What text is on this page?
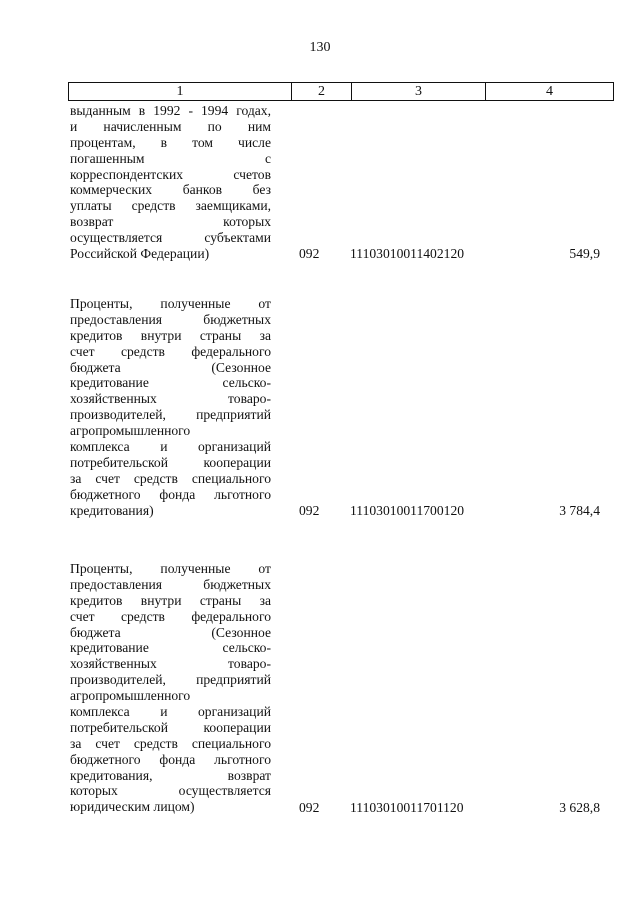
130
1	2	3	4
выданным в 1992 - 1994 годах,
и начисленным по ним
процентам, в том числе
погашенным с
корреспондентских счетов
коммерческих банков без
уплаты средств заемщиками,
возврат которых
осуществляется субъектами
Российской Федерации)	092 11103010011402120	549,9
Проценты, полученные от
предоставления бюджетных
кредитов внутри страны за
счет средств федерального
бюджета (Сезонное
кредитование сельско-
хозяйственных товаро-
производителей, предприятий
агропромышленного
комплекса и организаций
потребительской кооперации
за счет средств специального
бюджетного фонда льготного
кредитования)	092 11103010011700120	3 784,4
Проценты, полученные от
предоставления бюджетных
кредитов внутри страны за
счет средств федерального
бюджета (Сезонное
кредитование сельско-
хозяйственных товаро-
производителей, предприятий
агропромышленного
комплекса и организаций
потребительской кооперации
за счет средств специального
бюджетного фонда льготного
кредитования, возврат
которых осуществляется
юридическим лицом)	092 11103010011701120	3 628,8
